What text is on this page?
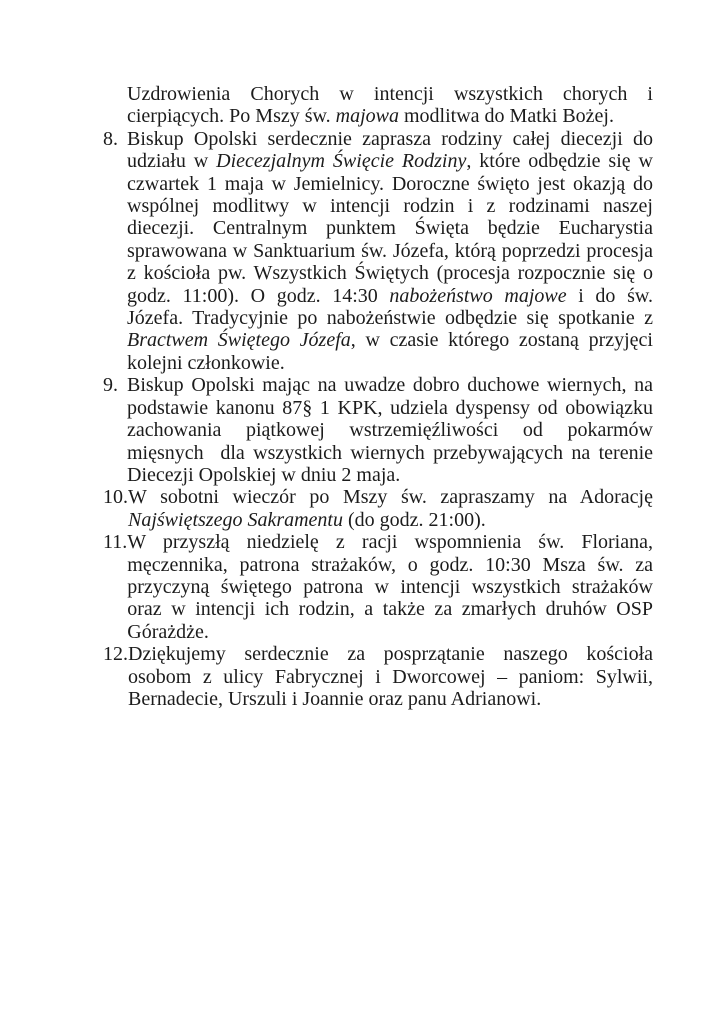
Uzdrowienia Chorych w intencji wszystkich chorych i cierpiących. Po Mszy św. majowa modlitwa do Matki Bożej.
8. Biskup Opolski serdecznie zaprasza rodziny całej diecezji do udziału w Diecezjalnym Święcie Rodziny, które odbędzie się w czwartek 1 maja w Jemielnicy. Doroczne święto jest okazją do wspólnej modlitwy w intencji rodzin i z rodzinami naszej diecezji. Centralnym punktem Święta będzie Eucharystia sprawowana w Sanktuarium św. Józefa, którą poprzedzi procesja z kościoła pw. Wszystkich Świętych (procesja rozpocznie się o godz. 11:00). O godz. 14:30 nabożeństwo majowe i do św. Józefa. Tradycyjnie po nabożeństwie odbędzie się spotkanie z Bractwem Świętego Józefa, w czasie którego zostaną przyjęci kolejni członkowie.
9. Biskup Opolski mając na uwadze dobro duchowe wiernych, na podstawie kanonu 87§ 1 KPK, udziela dyspensy od obowiązku zachowania piątkowej wstrzemięźliwości od pokarmów mięsnych  dla wszystkich wiernych przebywających na terenie Diecezji Opolskiej w dniu 2 maja.
10. W sobotni wieczór po Mszy św. zapraszamy na Adorację Najświętszego Sakramentu (do godz. 21:00).
11. W przyszłą niedzielę z racji wspomnienia św. Floriana, męczennika, patrona strażaków, o godz. 10:30 Msza św. za przyczyną świętego patrona w intencji wszystkich strażaków oraz w intencji ich rodzin, a także za zmarłych druhów OSP Górażdże.
12. Dziękujemy serdecznie za posprzątanie naszego kościoła osobom z ulicy Fabrycznej i Dworcowej – paniom: Sylwii, Bernadecie, Urszuli i Joannie oraz panu Adrianowi.
